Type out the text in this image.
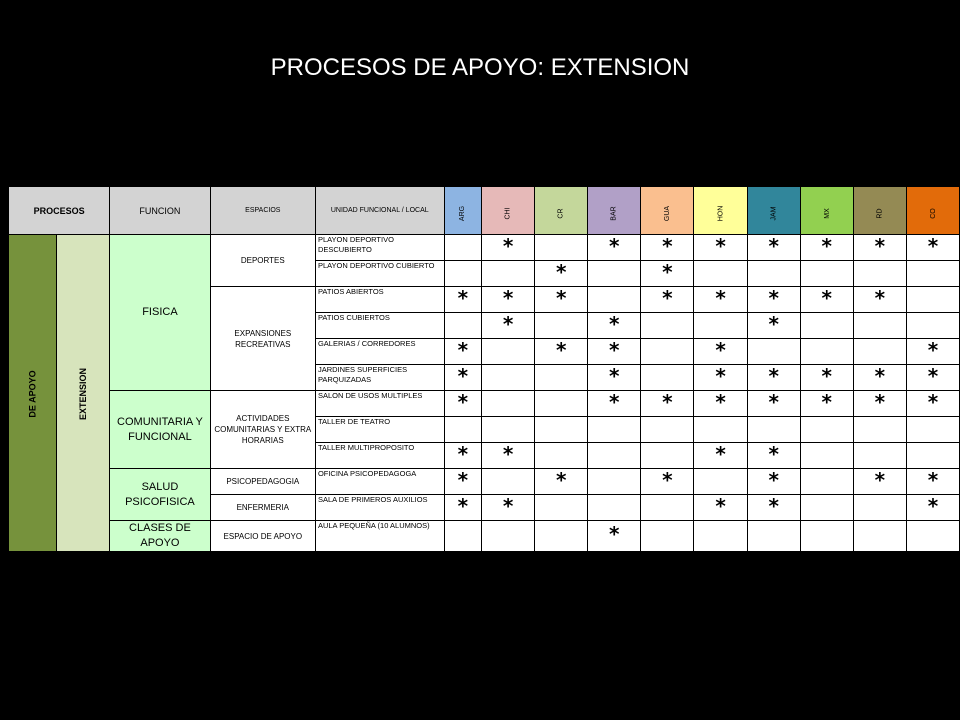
PROCESOS DE APOYO: EXTENSION
PROCESOS		FUNCION	ESPACIOS	UNIDAD FUNCIONAL / LOCAL	ARG	CHI	CR	BAR	GUA	HON	JAM	MX	RD	CO
DE APOYO	EXTENSION	FISICA	DEPORTES	PLAYON DEPORTIVO DESCUBIERTO		*		*	*	*	*	*	*	*
				PLAYON DEPORTIVO CUBIERTO			*		*					
			EXPANSIONES RECREATIVAS	PATIOS ABIERTOS	*	*	*		*	*	*	*	*	
				PATIOS CUBIERTOS		*		*			*			
				GALERIAS / CORREDORES	*		*	*		*				*
				JARDINES SUPERFICIES PARQUIZADAS	*			*		*	*	*	*	*
		COMUNITARIA Y FUNCIONAL	ACTIVIDADES COMUNITARIAS Y EXTRA HORARIAS	SALON DE USOS MULTIPLES	*			*	*	*	*	*	*	*
				TALLER DE TEATRO										
				TALLER MULTIPROPOSITO	*	*				*	*			
		SALUD PSICOFISICA	PSICOPEDAGOGIA	OFICINA PSICOPEDAGOGA	*		*		*		*		*	*
			ENFERMERIA	SALA DE PRIMEROS AUXILIOS	*	*				*	*			*
		CLASES DE APOYO	ESPACIO DE APOYO	AULA PEQUEÑA (10 ALUMNOS)				*						
